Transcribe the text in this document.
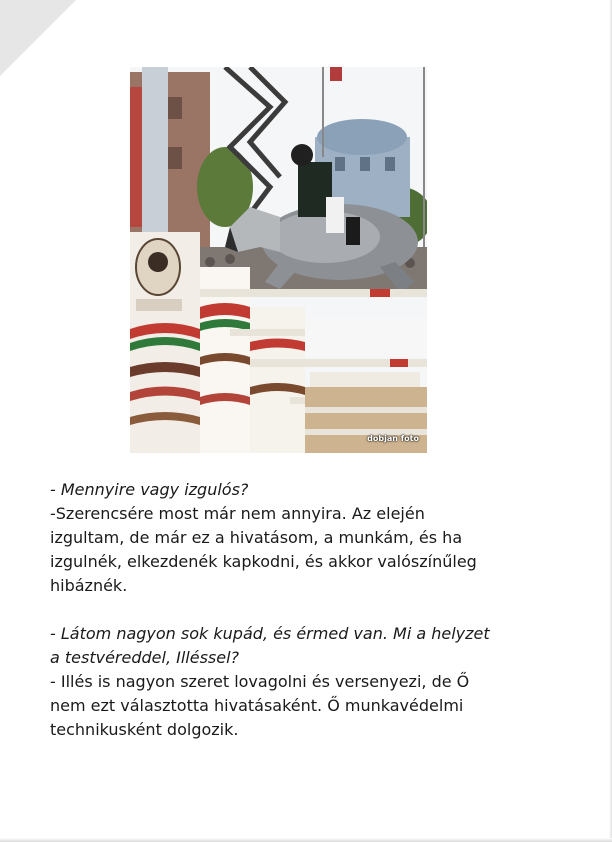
dobjan foto

- Mennyire vagy izgulós?

-Szerencsére most már nem annyira. Az elején izgultam, de már ez a hivatásom, a munkám, és ha izgulnék, elkezdenék kapkodni, és akkor valószínűleg hibáznék.

- Látom nagyon sok kupád, és érmed van. Mi a helyzet a testvéreddel, Illéssel?

- Illés is nagyon szeret lovagolni és versenyezi, de Ő nem ezt választotta hivatásaként. Ő munkavédelmi technikusként dolgozik.
